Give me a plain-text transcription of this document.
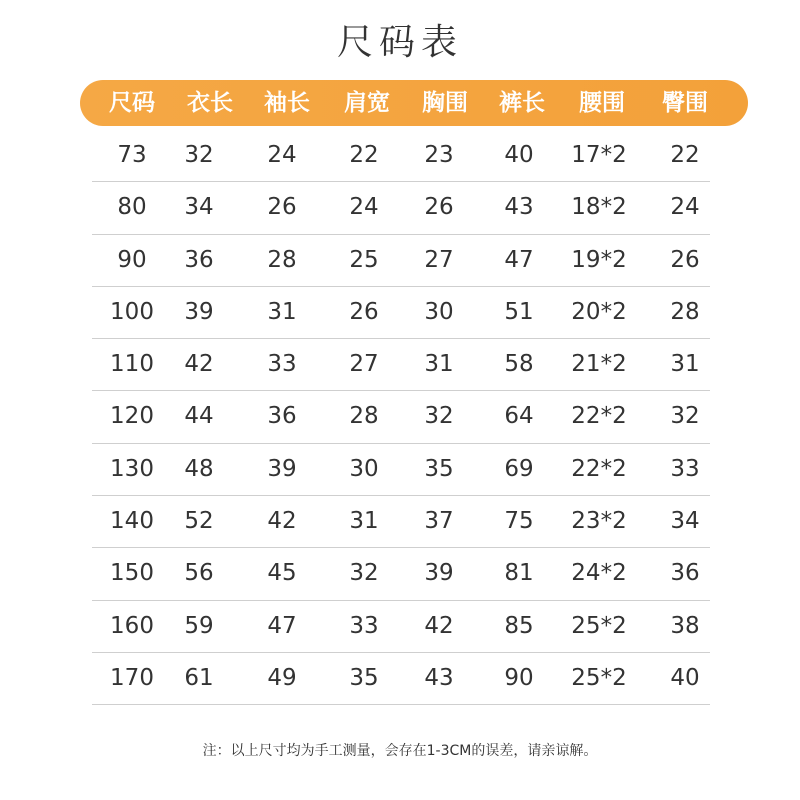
尺码表
尺码 衣长 袖长 肩宽 胸围 裤长 腰围 臀围
73 32 24 22 23 40 17*2 22
80 34 26 24 26 43 18*2 24
90 36 28 25 27 47 19*2 26
100 39 31 26 30 51 20*2 28
110 42 33 27 31 58 21*2 31
120 44 36 28 32 64 22*2 32
130 48 39 30 35 69 22*2 33
140 52 42 31 37 75 23*2 34
150 56 45 32 39 81 24*2 36
160 59 47 33 42 85 25*2 38
170 61 49 35 43 90 25*2 40
注：以上尺寸均为手工测量，会存在1-3CM的误差，请亲谅解。
